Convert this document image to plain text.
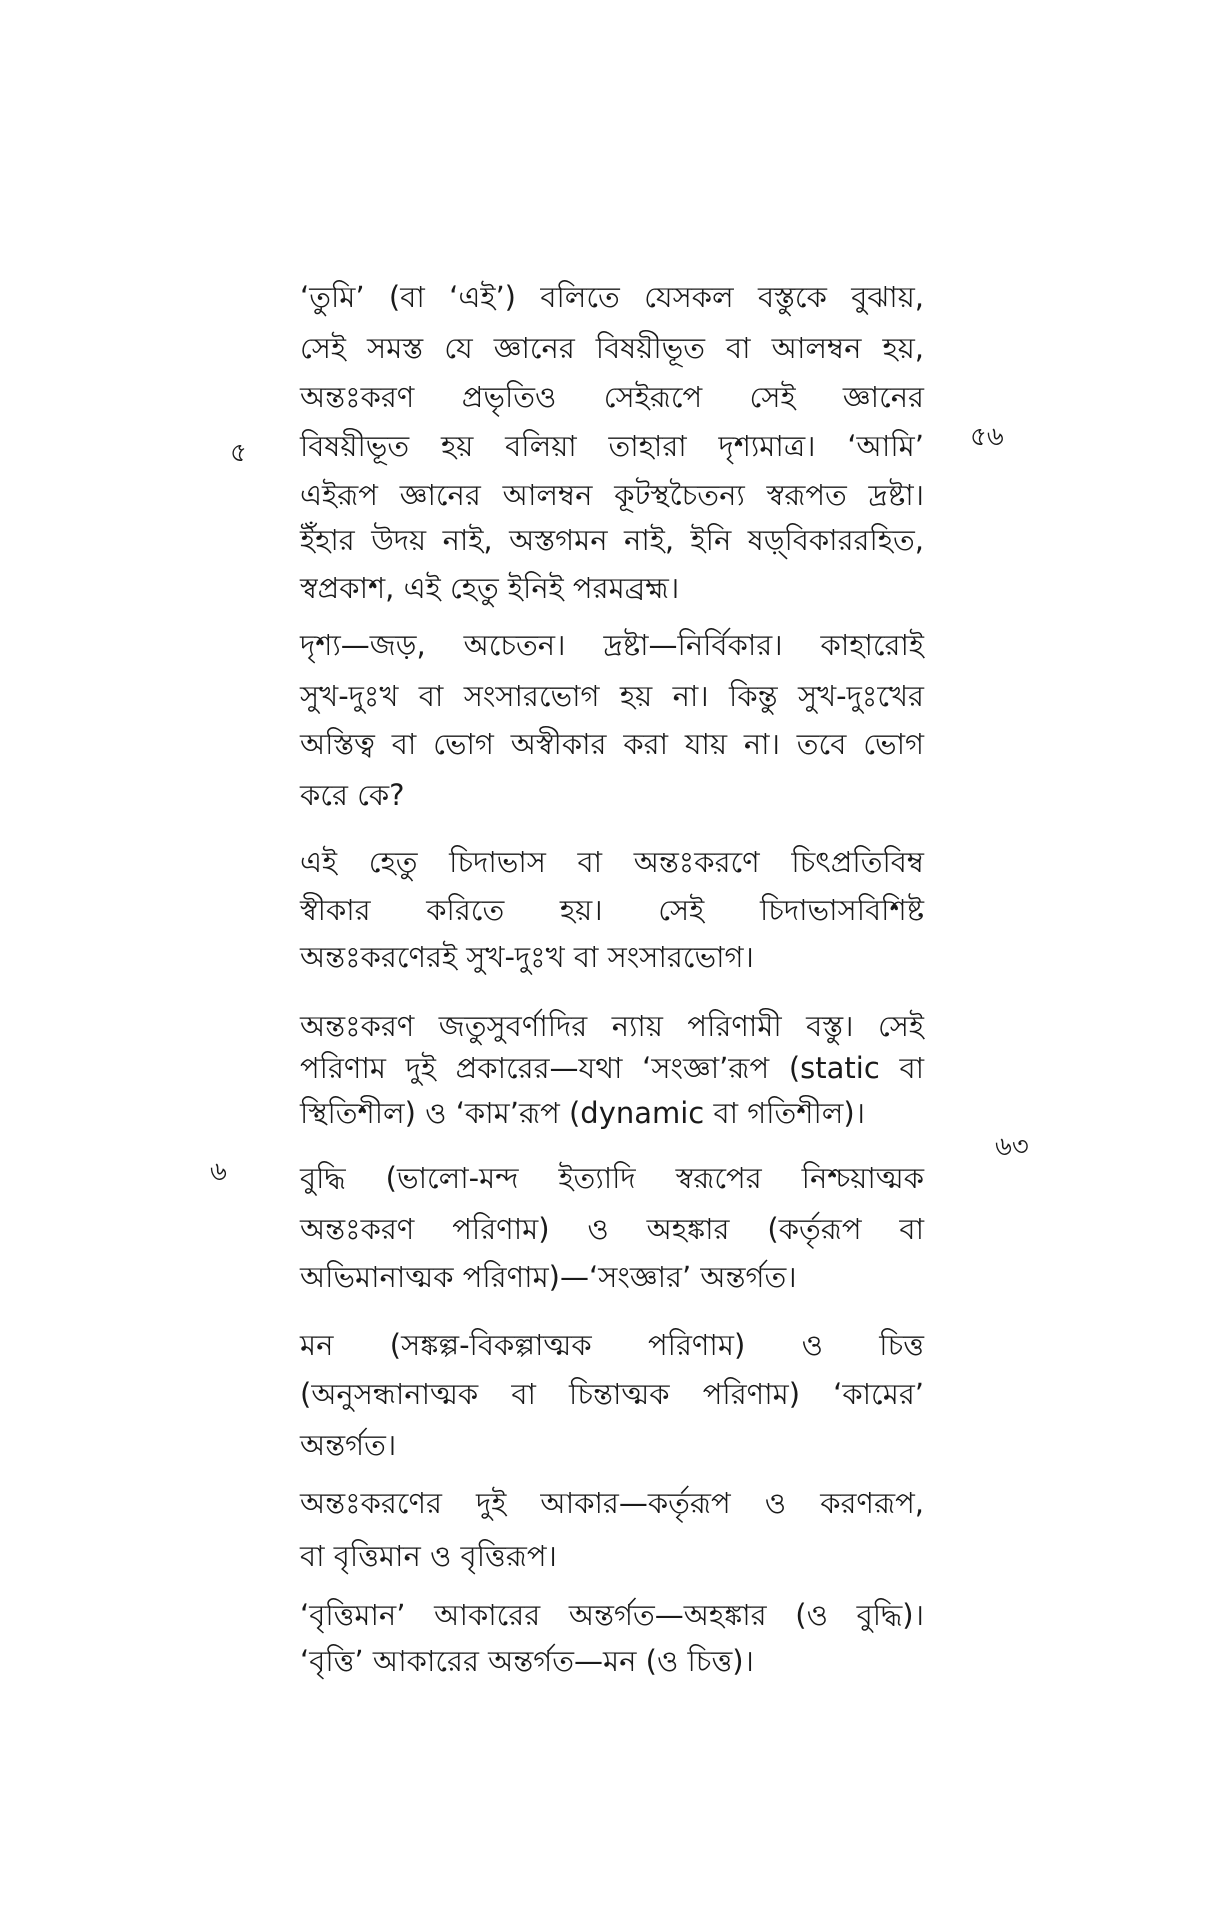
৫
৫৬
৬৩
৬
‘তুমি’ (বা ‘এই’) বলিতে যেসকল বস্তুকে বুঝায়,
সেই সমস্ত যে জ্ঞানের বিষয়ীভূত বা আলম্বন হয়,
অন্তঃকরণ প্রভৃতিও সেইরূপে সেই জ্ঞানের
বিষয়ীভূত হয় বলিয়া তাহারা দৃশ্যমাত্র। ‘আমি’
এইরূপ জ্ঞানের আলম্বন কূটস্থচৈতন্য স্বরূপত দ্রষ্টা।
ইঁহার উদয় নাই, অস্তগমন নাই, ইনি ষড়্‌বিকাররহিত,
স্বপ্রকাশ, এই হেতু ইনিই পরমব্রহ্ম।
দৃশ্য—জড়, অচেতন। দ্রষ্টা—নির্বিকার। কাহারোই
সুখ-দুঃখ বা সংসারভোগ হয় না। কিন্তু সুখ-দুঃখের
অস্তিত্ব বা ভোগ অস্বীকার করা যায় না। তবে ভোগ
করে কে?
এই হেতু চিদাভাস বা অন্তঃকরণে চিৎপ্রতিবিম্ব
স্বীকার করিতে হয়। সেই চিদাভাসবিশিষ্ট
অন্তঃকরণেরই সুখ-দুঃখ বা সংসারভোগ।
অন্তঃকরণ জতুসুবর্ণাদির ন্যায় পরিণামী বস্তু। সেই
পরিণাম দুই প্রকারের—যথা ‘সংজ্ঞা’রূপ (static বা
স্থিতিশীল) ও ‘কাম’রূপ (dynamic বা গতিশীল)।
বুদ্ধি (ভালো-মন্দ ইত্যাদি স্বরূপের নিশ্চয়াত্মক
অন্তঃকরণ পরিণাম) ও অহঙ্কার (কর্তৃরূপ বা
অভিমানাত্মক পরিণাম)—‘সংজ্ঞার’ অন্তর্গত।
মন (সঙ্কল্প-বিকল্পাত্মক পরিণাম) ও চিত্ত
(অনুসন্ধানাত্মক বা চিন্তাত্মক পরিণাম) ‘কামের’
অন্তর্গত।
অন্তঃকরণের দুই আকার—কর্তৃরূপ ও করণরূপ,
বা বৃত্তিমান ও বৃত্তিরূপ।
‘বৃত্তিমান’ আকারের অন্তর্গত—অহঙ্কার (ও বুদ্ধি)।
‘বৃত্তি’ আকারের অন্তর্গত—মন (ও চিত্ত)।
